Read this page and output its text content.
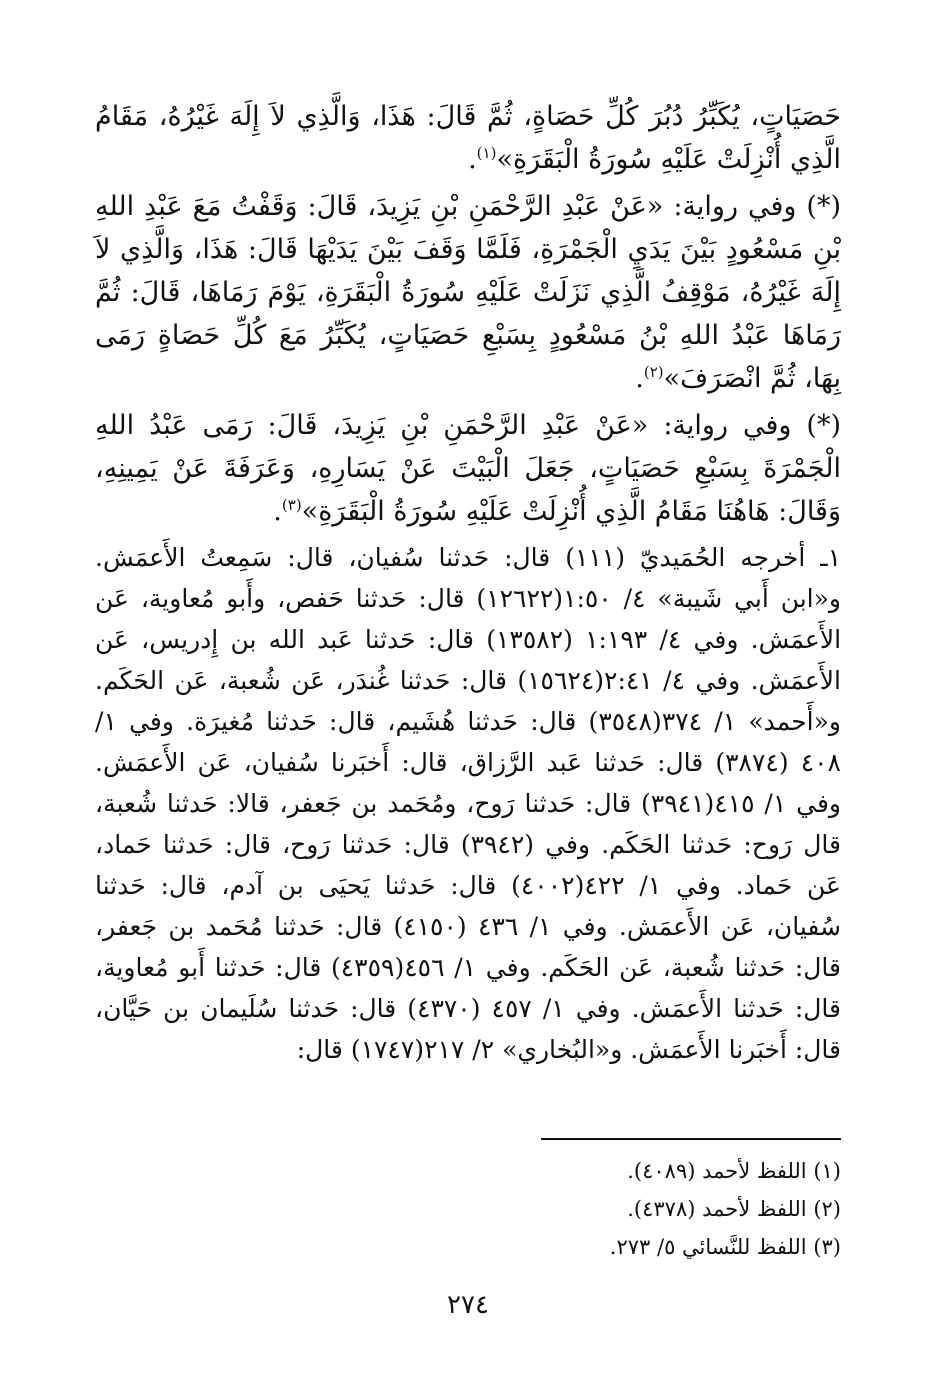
حَصَيَاتٍ، يُكَبِّرُ دُبُرَ كُلِّ حَصَاةٍ، ثُمَّ قَالَ: هَذَا، وَالَّذِي لاَ إِلَهَ غَيْرُهُ، مَقَامُ الَّذِي أُنْزِلَتْ عَلَيْهِ سُورَةُ الْبَقَرَةِ»$^{(١)}$.

(*) وفي رواية: «عَنْ عَبْدِ الرَّحْمَنِ بْنِ يَزِيدَ، قَالَ: وَقَفْتُ مَعَ عَبْدِ اللهِ بْنِ مَسْعُودٍ بَيْنَ يَدَيِ الْجَمْرَةِ، فَلَمَّا وَقَفَ بَيْنَ يَدَيْهَا قَالَ: هَذَا، وَالَّذِي لاَ إِلَهَ غَيْرُهُ، مَوْقِفُ الَّذِي نَزَلَتْ عَلَيْهِ سُورَةُ الْبَقَرَةِ، يَوْمَ رَمَاهَا، قَالَ: ثُمَّ رَمَاهَا عَبْدُ اللهِ بْنُ مَسْعُودٍ بِسَبْعِ حَصَيَاتٍ، يُكَبِّرُ مَعَ كُلِّ حَصَاةٍ رَمَى بِهَا، ثُمَّ انْصَرَفَ»$^{(٢)}$.

(*) وفي رواية: «عَنْ عَبْدِ الرَّحْمَنِ بْنِ يَزِيدَ، قَالَ: رَمَى عَبْدُ اللهِ الْجَمْرَةَ بِسَبْعِ حَصَيَاتٍ، جَعَلَ الْبَيْتَ عَنْ يَسَارِهِ، وَعَرَفَةَ عَنْ يَمِينِهِ، وَقَالَ: هَاهُنَا مَقَامُ الَّذِي أُنْزِلَتْ عَلَيْهِ سُورَةُ الْبَقَرَةِ»$^{(٣)}$.

١ـ أخرجه الحُمَيديّ (١١١) قال: حَدثنا سُفيان، قال: سَمِعتُ الأَعمَش. و«ابن أَبي شَيبة» ٤/ ١:٥٠(١٢٦٢٢) قال: حَدثنا حَفص، وأَبو مُعاوية، عَن الأَعمَش. وفي ٤/ ١:١٩٣ (١٣٥٨٢) قال: حَدثنا عَبد الله بن إِدريس، عَن الأَعمَش. وفي ٤/ ٢:٤١(١٥٦٢٤) قال: حَدثنا غُندَر، عَن شُعبة، عَن الحَكَم. و«أَحمد» ١/ ٣٧٤(٣٥٤٨) قال: حَدثنا هُشَيم، قال: حَدثنا مُغيرَة. وفي ١/ ٤٠٨ (٣٨٧٤) قال: حَدثنا عَبد الرَّزاق، قال: أَخبَرنا سُفيان، عَن الأَعمَش. وفي ١/ ٤١٥(٣٩٤١) قال: حَدثنا رَوح، ومُحَمد بن جَعفر، قالا: حَدثنا شُعبة، قال رَوح: حَدثنا الحَكَم. وفي (٣٩٤٢) قال: حَدثنا رَوح، قال: حَدثنا حَماد، عَن حَماد. وفي ١/ ٤٢٢(٤٠٠٢) قال: حَدثنا يَحيَى بن آدم، قال: حَدثنا سُفيان، عَن الأَعمَش. وفي ١/ ٤٣٦ (٤١٥٠) قال: حَدثنا مُحَمد بن جَعفر، قال: حَدثنا شُعبة، عَن الحَكَم. وفي ١/ ٤٥٦(٤٣٥٩) قال: حَدثنا أَبو مُعاوية، قال: حَدثنا الأَعمَش. وفي ١/ ٤٥٧ (٤٣٧٠) قال: حَدثنا سُلَيمان بن حَيَّان، قال: أَخبَرنا الأَعمَش. و«البُخاري» ٢/ ٢١٧(١٧٤٧) قال:

(١) اللفظ لأحمد (٤٠٨٩).
(٢) اللفظ لأحمد (٤٣٧٨).
(٣) اللفظ للنَّسائي ٥/ ٢٧٣.
٢٧٤
